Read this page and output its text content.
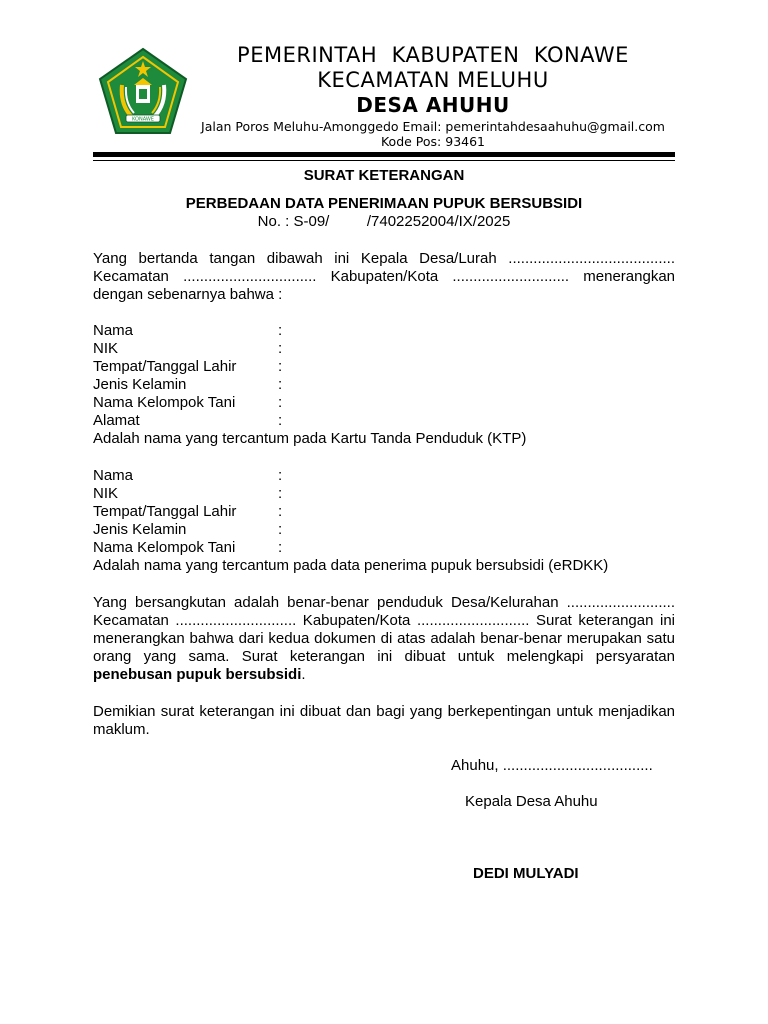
KONAWE
PEMERINTAH  KABUPATEN  KONAWE
KECAMATAN MELUHU
DESA AHUHU
Jalan Poros Meluhu-Amonggedo Email: pemerintahdesaahuhu@gmail.com
Kode Pos: 93461
SURAT KETERANGAN
PERBEDAAN DATA PENERIMAAN PUPUK BERSUBSIDI
No. : S-09/         /7402252004/IX/2025
Yang bertanda tangan dibawah ini Kepala Desa/Lurah ........................................ Kecamatan ................................ Kabupaten/Kota ............................ menerangkan dengan sebenarnya bahwa :
Nama	:
NIK	:
Tempat/Tanggal Lahir	:
Jenis Kelamin	:
Nama Kelompok Tani	:
Alamat	:
Adalah nama yang tercantum pada Kartu Tanda Penduduk (KTP)
Nama	:
NIK	:
Tempat/Tanggal Lahir	:
Jenis Kelamin	:
Nama Kelompok Tani	:
Adalah nama yang tercantum pada data penerima pupuk bersubsidi (eRDKK)
Yang bersangkutan adalah benar-benar penduduk Desa/Kelurahan .......................... Kecamatan ............................. Kabupaten/Kota ........................... Surat keterangan ini menerangkan bahwa dari kedua dokumen di atas adalah benar-benar merupakan satu orang yang sama. Surat keterangan ini dibuat untuk melengkapi persyaratan penebusan pupuk bersubsidi.
Demikian surat keterangan ini dibuat dan bagi yang berkepentingan untuk menjadikan maklum.
Ahuhu, ....................................
Kepala Desa Ahuhu
DEDI MULYADI
